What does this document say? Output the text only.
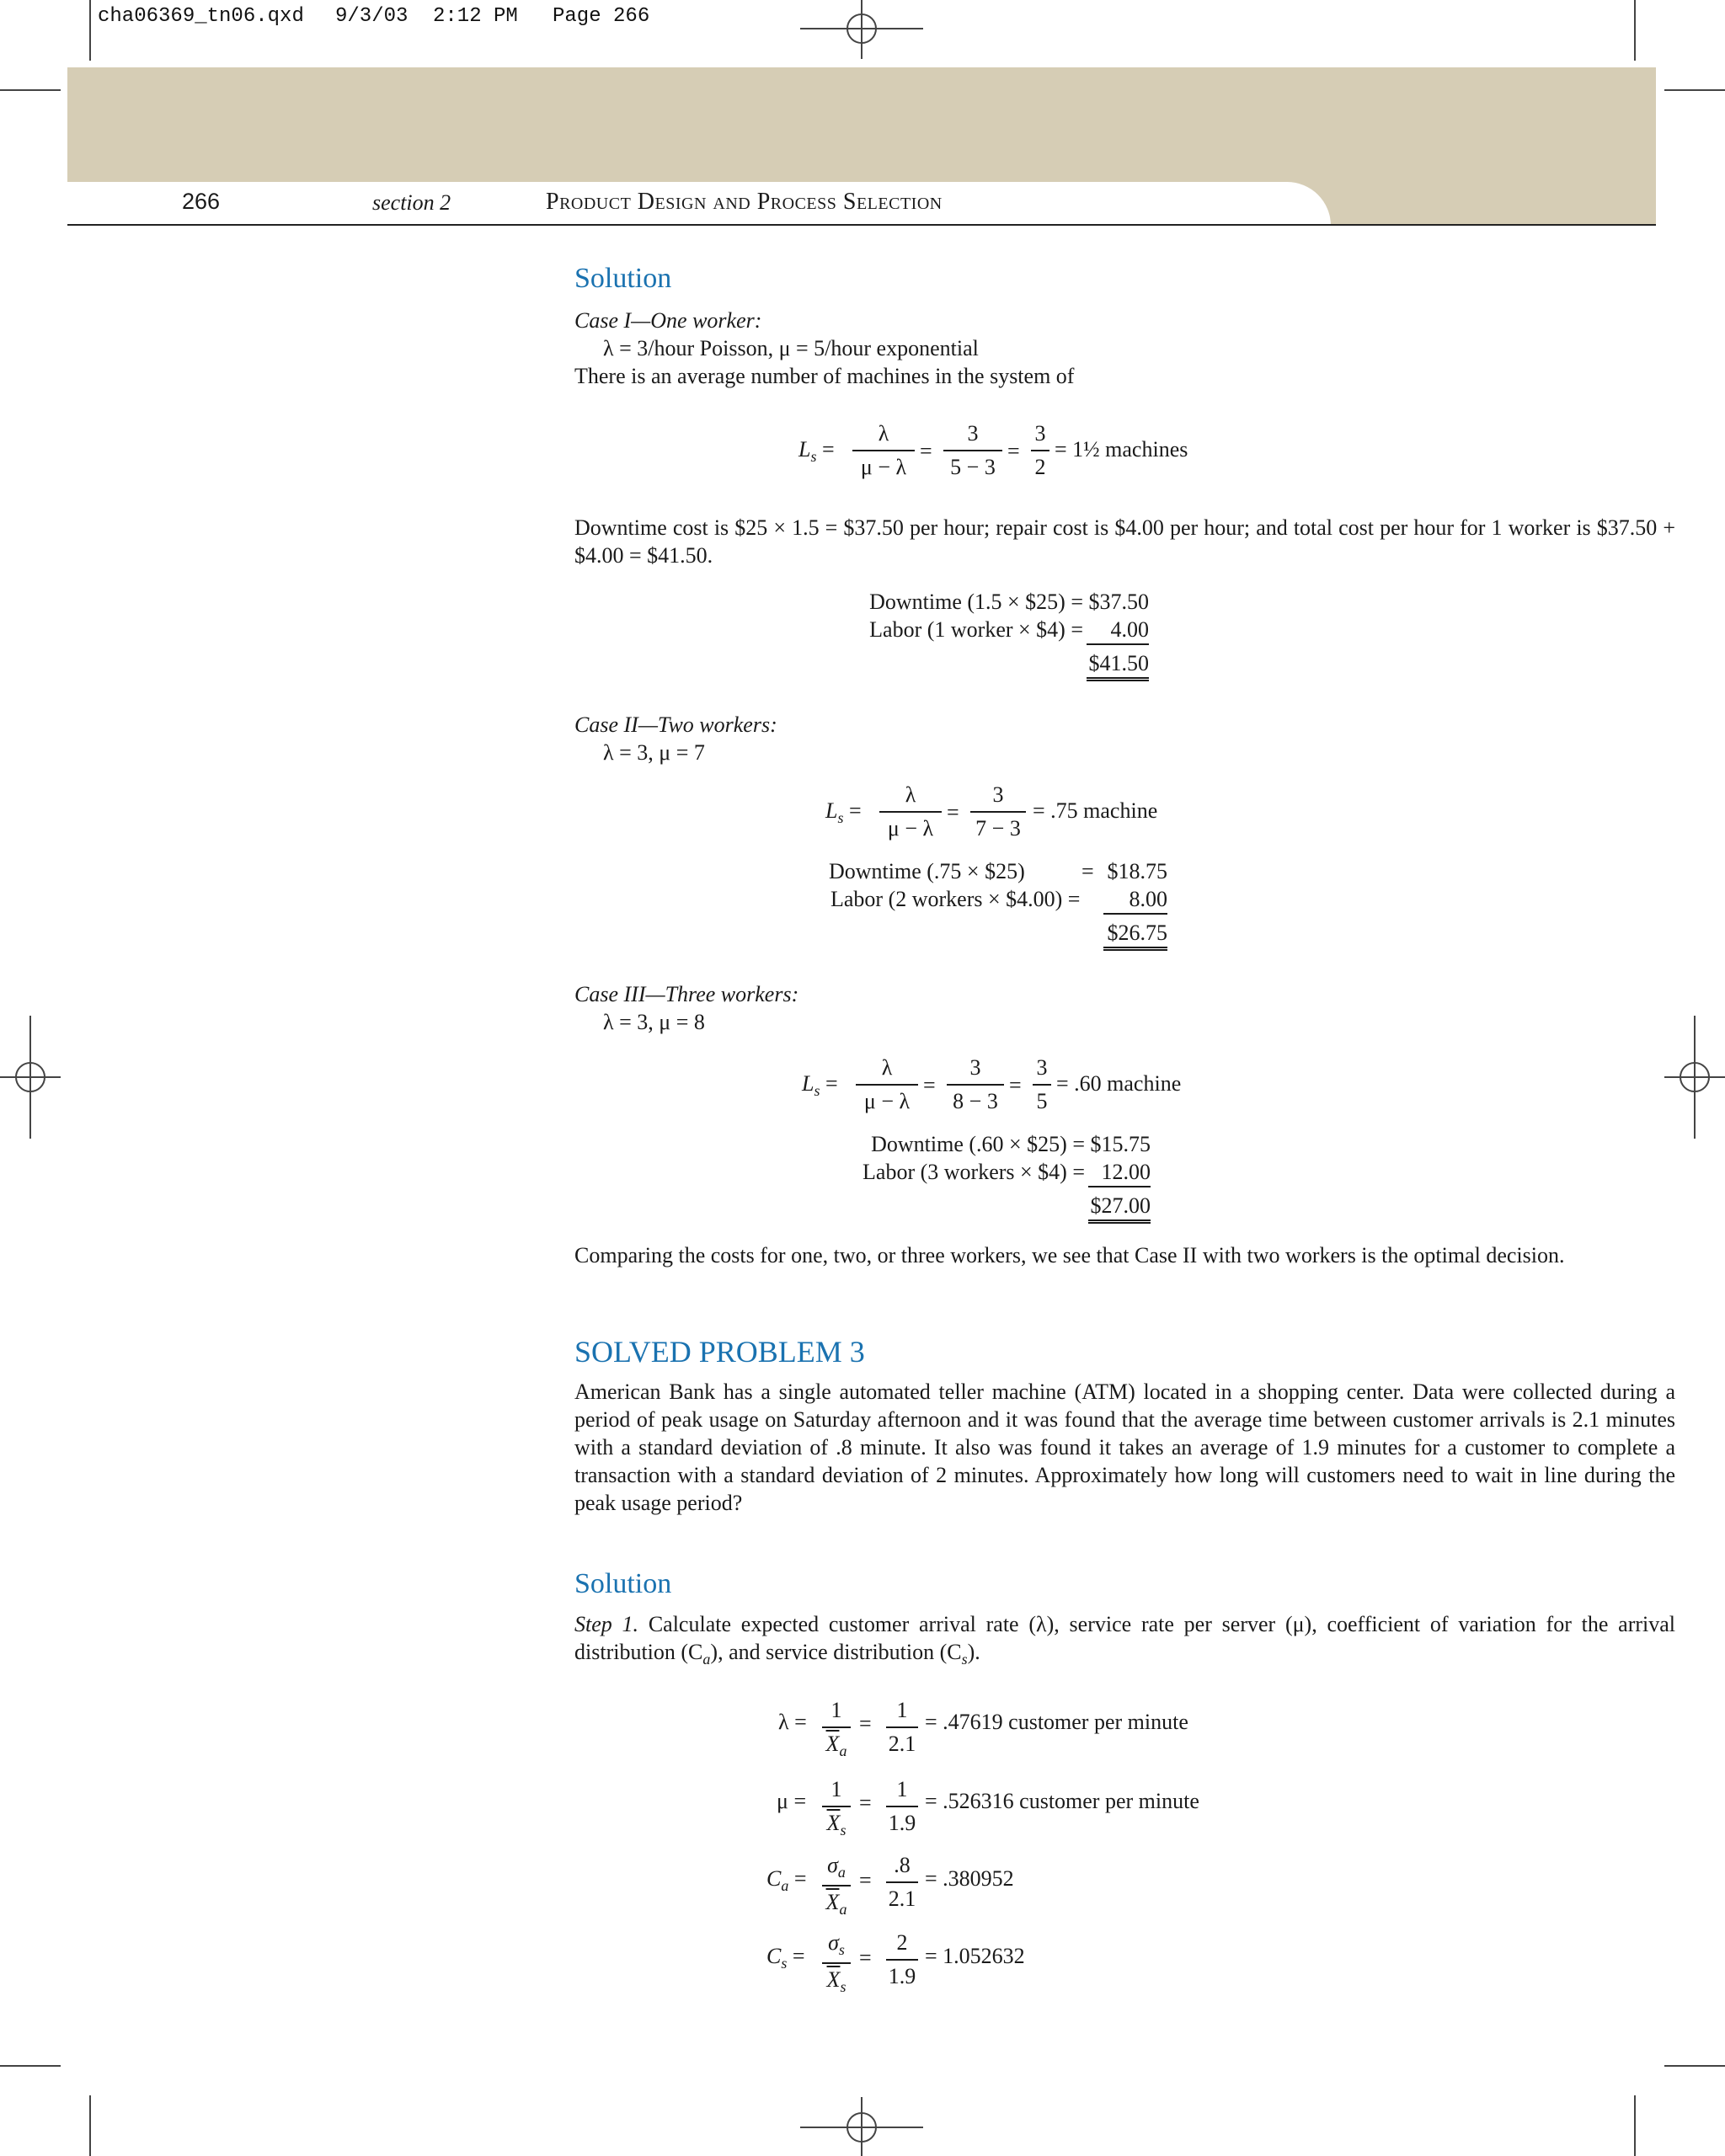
cha06369_tn06.qxd 9/3/03 2:12 PM Page 266
266	section 2	Product Design and Process Selection
Solution
Case I—One worker:
λ = 3/hour Poisson, μ = 5/hour exponential
There is an average number of machines in the system of
$L_s$ =
λ
μ − λ
=
3
5 − 3
=
3
2
= 1½ machines
Downtime cost is $25 × 1.5 = $37.50 per hour; repair cost is $4.00 per hour; and total cost per hour for 1 worker is $37.50 + $4.00 = $41.50.
Downtime (1.5 × $25) = $37.50
Labor (1 worker × $4) =	4.00
$41.50
Case II—Two workers:
λ = 3, μ = 7
$L_s$ =
λ
μ − λ
=
3
7 − 3
= .75 machine
Downtime (.75 × $25)	= $18.75
Labor (2 workers × $4.00) =	8.00
$26.75
Case III—Three workers:
λ = 3, μ = 8
$L_s$ =
λ
μ − λ
=
3
8 − 3
=
3
5
= .60 machine
Downtime (.60 × $25) = $15.75
Labor (3 workers × $4) = 12.00
$27.00
Comparing the costs for one, two, or three workers, we see that Case II with two workers is the optimal decision.
SOLVED PROBLEM 3
American Bank has a single automated teller machine (ATM) located in a shopping center. Data were collected during a period of peak usage on Saturday afternoon and it was found that the average time between customer arrivals is 2.1 minutes with a standard deviation of .8 minute. It also was found it takes an average of 1.9 minutes for a customer to complete a transaction with a standard deviation of 2 minutes. Approximately how long will customers need to wait in line during the peak usage period?
Solution
Step 1. Calculate expected customer arrival rate (λ), service rate per server (μ), coefficient of variation for the arrival distribution $(C_a)$, and service distribution $(C_s)$.
λ =	1
$\overline{X}_a$
=
1
2.1
= .47619 customer per minute
μ =	1
$\overline{X}_s$
=
1
1.9
= .526316 customer per minute
$C_a$ =
$\sigma_a$
$\overline{X}_a$
=
.8
2.1
= .380952
$C_s$ =
$\sigma_s$
$\overline{X}_s$
=
2
1.9
= 1.052632
